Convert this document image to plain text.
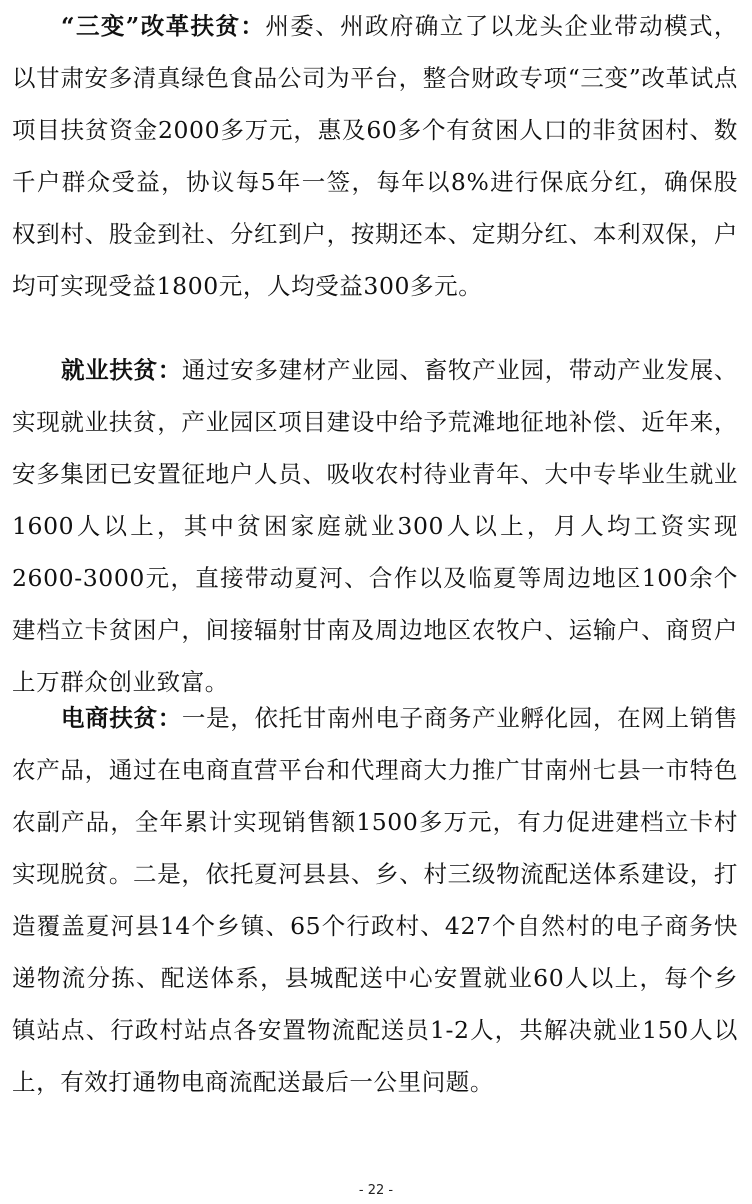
“三变”改革扶贫：州委、州政府确立了以龙头企业带动模式，以甘肃安多清真绿色食品公司为平台，整合财政专项“三变”改革试点项目扶贫资金2000多万元，惠及60多个有贫困人口的非贫困村、数千户群众受益，协议每5年一签，每年以8%进行保底分红，确保股权到村、股金到社、分红到户，按期还本、定期分红、本利双保，户均可实现受益1800元，人均受益300多元。

就业扶贫：通过安多建材产业园、畜牧产业园，带动产业发展、实现就业扶贫，产业园区项目建设中给予荒滩地征地补偿、近年来，安多集团已安置征地户人员、吸收农村待业青年、大中专毕业生就业1600人以上，其中贫困家庭就业300人以上，月人均工资实现2600-3000元，直接带动夏河、合作以及临夏等周边地区100余个建档立卡贫困户，间接辐射甘南及周边地区农牧户、运输户、商贸户上万群众创业致富。

电商扶贫：一是，依托甘南州电子商务产业孵化园，在网上销售农产品，通过在电商直营平台和代理商大力推广甘南州七县一市特色农副产品，全年累计实现销售额1500多万元，有力促进建档立卡村实现脱贫。二是，依托夏河县县、乡、村三级物流配送体系建设，打造覆盖夏河县14个乡镇、65个行政村、427个自然村的电子商务快递物流分拣、配送体系，县城配送中心安置就业60人以上，每个乡镇站点、行政村站点各安置物流配送员1-2人，共解决就业150人以上，有效打通物电商流配送最后一公里问题。

- 22 -
